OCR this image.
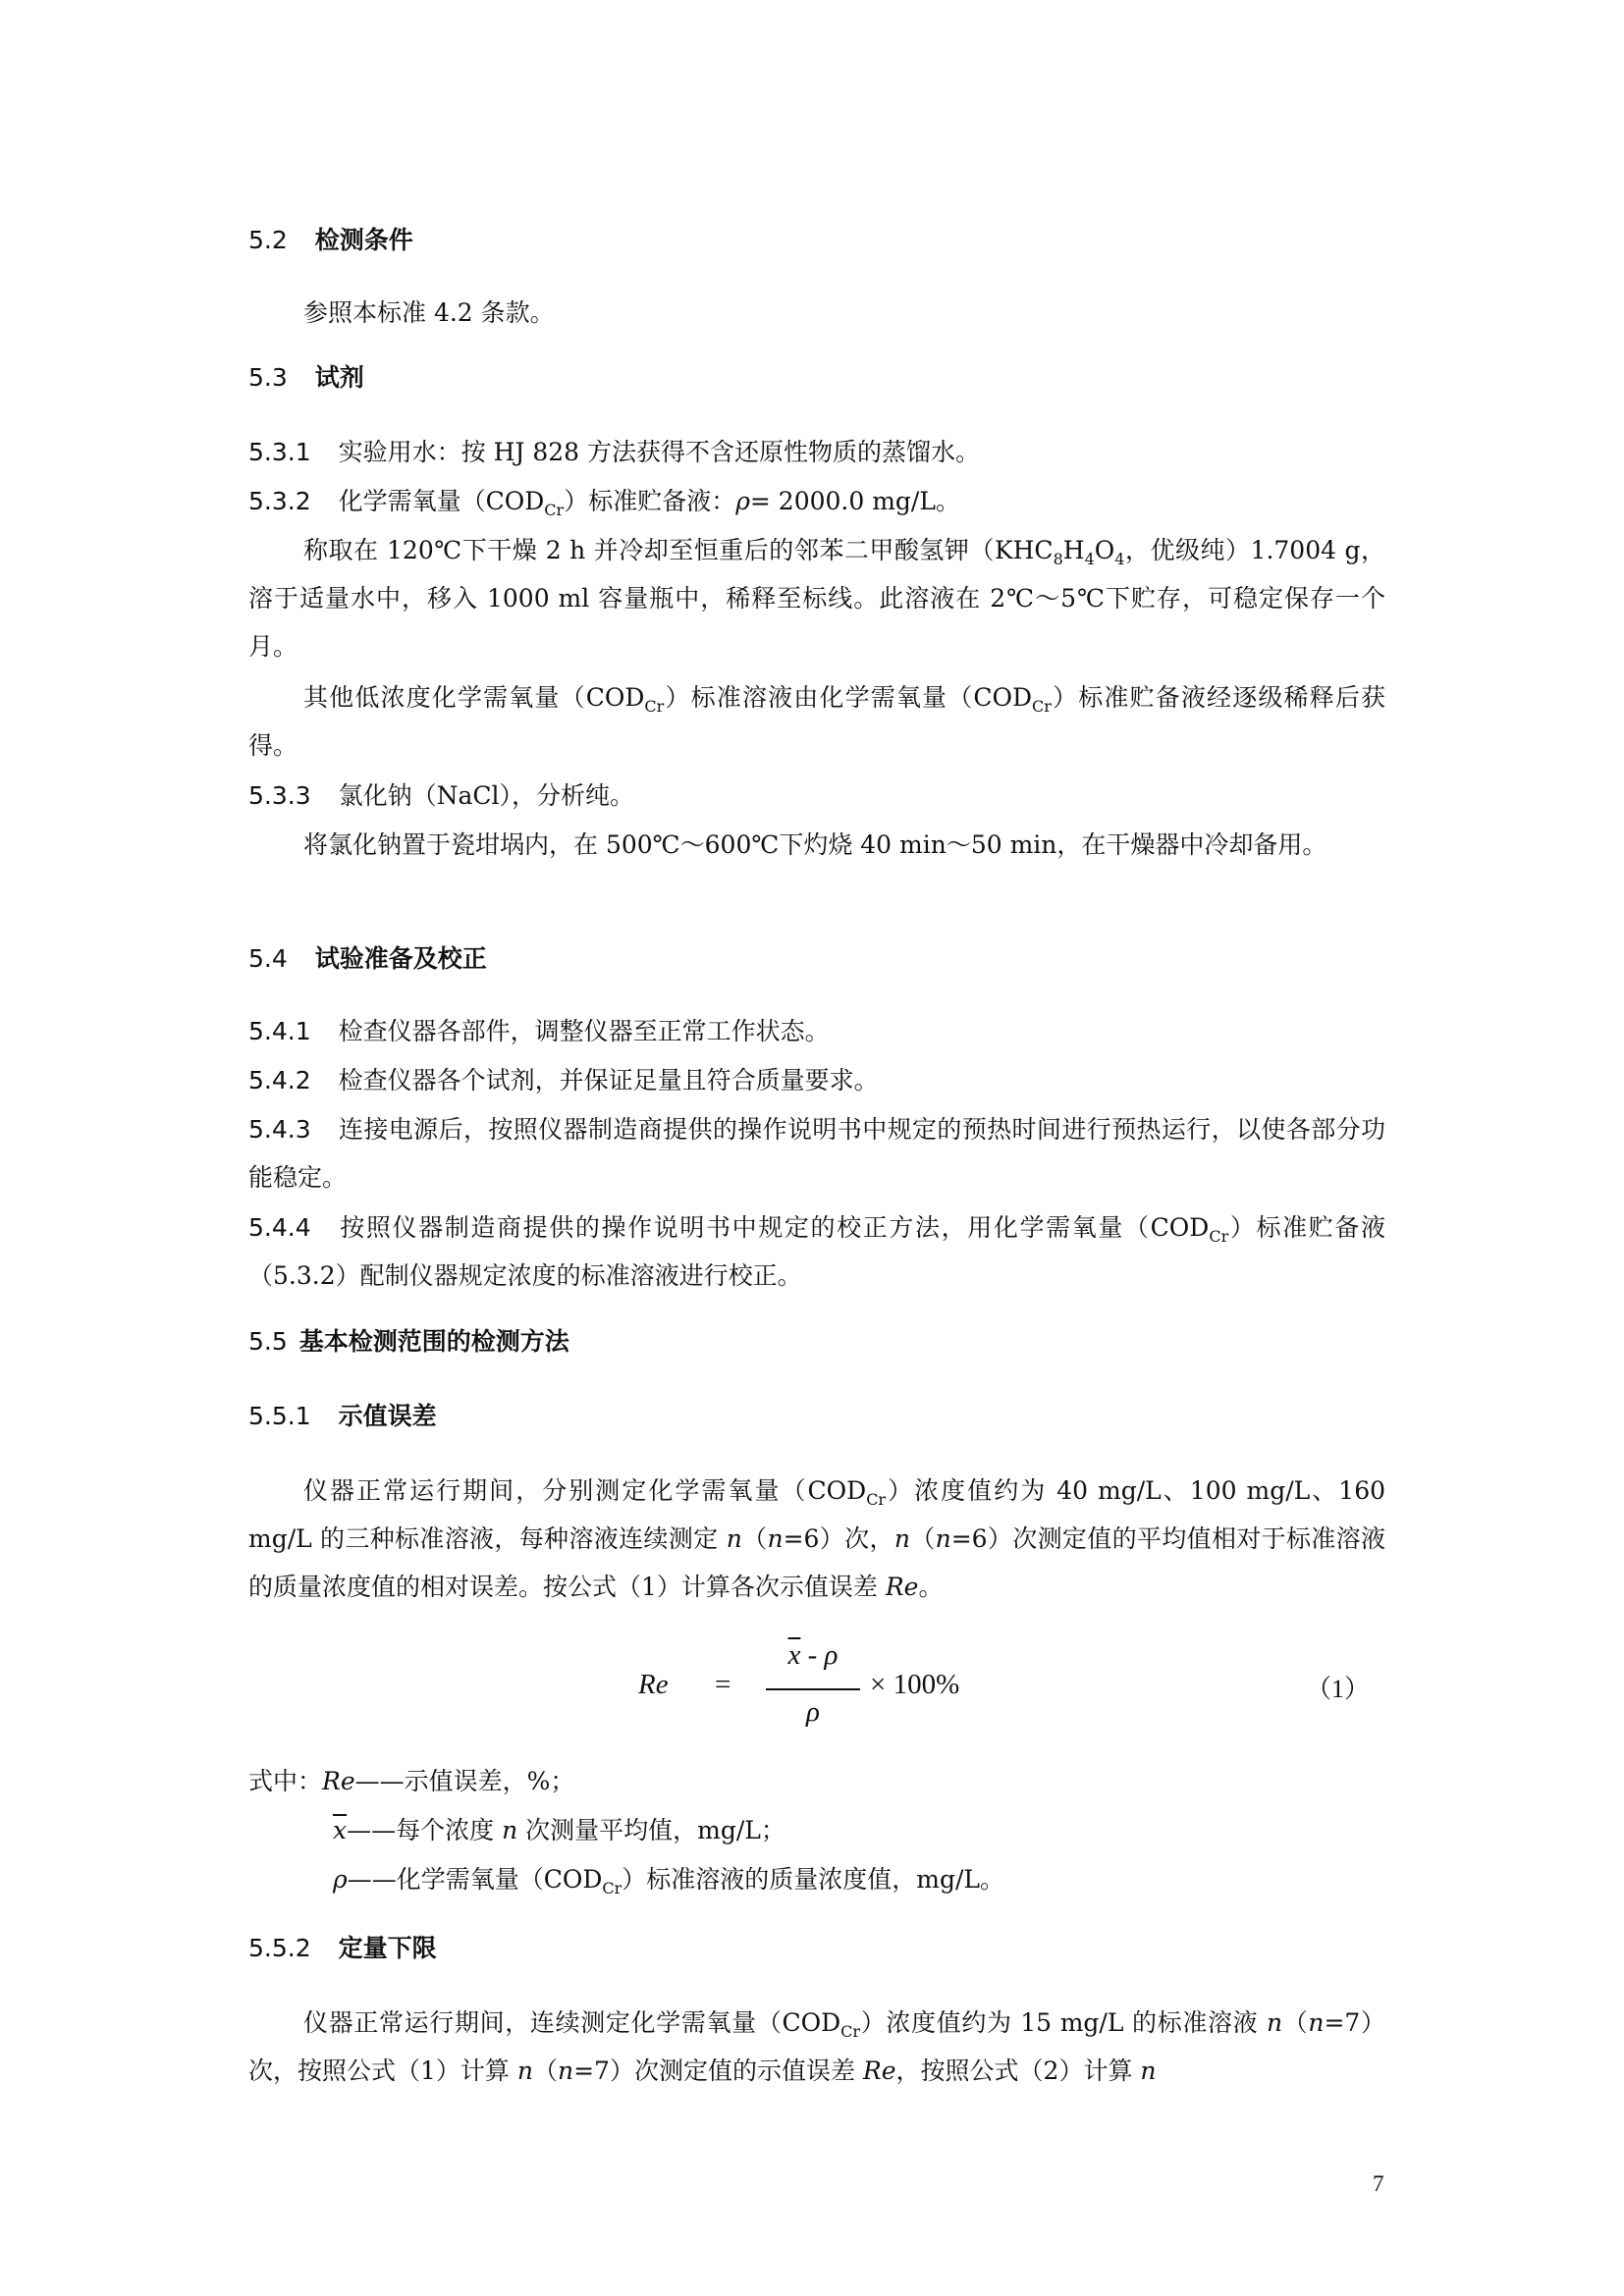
5.2 检测条件

参照本标准 4.2 条款。

5.3 试剂

5.3.1 实验用水：按 HJ 828 方法获得不含还原性物质的蒸馏水。

5.3.2 化学需氧量$(COD_{Cr})$标准贮备液：ρ= 2000.0 mg/L。

称取在 120℃下干燥 2 h 并冷却至恒重后的邻苯二甲酸氢钾（$KHC_8H_4O_4$，优级纯）1.7004 g，溶于适量水中，移入 1000 ml 容量瓶中，稀释至标线。此溶液在 2℃～5℃下贮存，可稳定保存一个月。

其他低浓度化学需氧量$(COD_{Cr})$标准溶液由化学需氧量$(COD_{Cr})$标准贮备液经逐级稀释后获得。

5.3.3 氯化钠（NaCl），分析纯。

将氯化钠置于瓷坩埚内，在 500℃～600℃下灼烧 40 min～50 min，在干燥器中冷却备用。

5.4 试验准备及校正

5.4.1 检查仪器各部件，调整仪器至正常工作状态。

5.4.2 检查仪器各个试剂，并保证足量且符合质量要求。

5.4.3 连接电源后，按照仪器制造商提供的操作说明书中规定的预热时间进行预热运行，以使各部分功能稳定。

5.4.4 按照仪器制造商提供的操作说明书中规定的校正方法，用化学需氧量$(COD_{Cr})$标准贮备液（5.3.2）配制仪器规定浓度的标准溶液进行校正。

5.5 基本检测范围的检测方法
5.5.1 示值误差

仪器正常运行期间，分别测定化学需氧量$(COD_{Cr})$浓度值约为 40 mg/L、100 mg/L、160 mg/L 的三种标准溶液，每种溶液连续测定 n（n=6）次，n（n=6）次测定值的平均值相对于标准溶液的质量浓度值的相对误差。按公式（1）计算各次示值误差 Re。

Re =
$\overline{x}$ - ρ
ρ
× 100%	（1）
式中：Re——示值误差，%；
$\overline{x}——$每个浓度 n 次测量平均值，mg/L；
ρ——化学需氧量$(COD_{Cr})$标准溶液的质量浓度值，mg/L。
5.5.2 定量下限

仪器正常运行期间，连续测定化学需氧量$(COD_{Cr})$浓度值约为 15 mg/L 的标准溶液 n（n=7）次，按照公式（1）计算 n（n=7）次测定值的示值误差 Re，按照公式（2）计算 n

7
